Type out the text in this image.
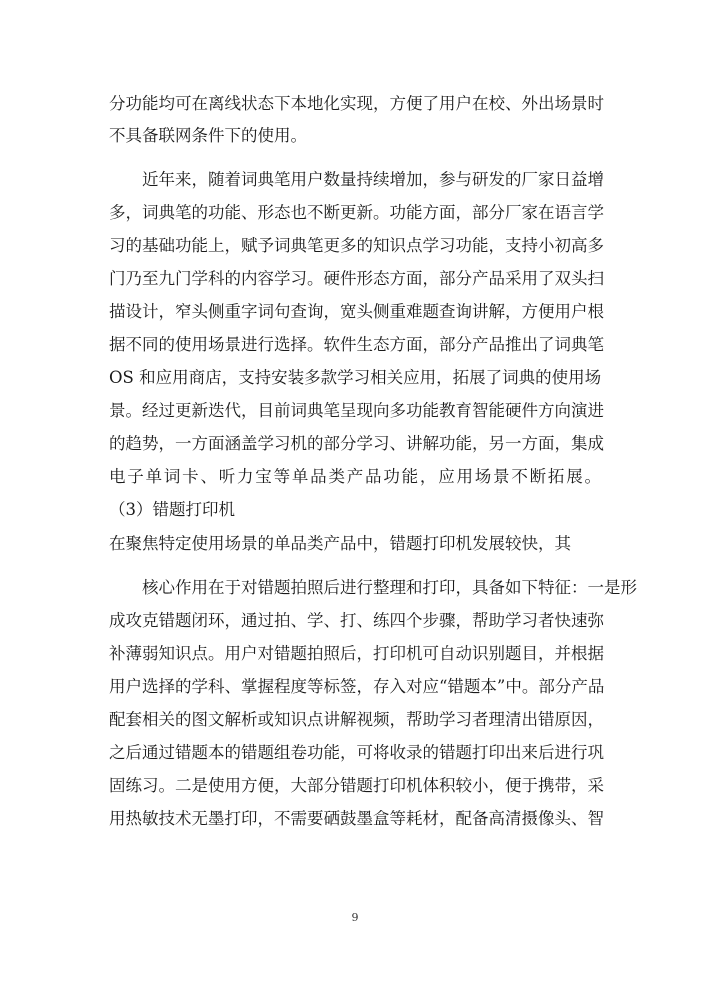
分功能均可在离线状态下本地化实现，方便了用户在校、外出场景时
不具备联网条件下的使用。
近年来，随着词典笔用户数量持续增加，参与研发的厂家日益增
多，词典笔的功能、形态也不断更新。功能方面，部分厂家在语言学
习的基础功能上，赋予词典笔更多的知识点学习功能，支持小初高多
门乃至九门学科的内容学习。硬件形态方面，部分产品采用了双头扫
描设计，窄头侧重字词句查询，宽头侧重难题查询讲解，方便用户根
据不同的使用场景进行选择。软件生态方面，部分产品推出了词典笔
OS 和应用商店，支持安装多款学习相关应用，拓展了词典的使用场
景。经过更新迭代，目前词典笔呈现向多功能教育智能硬件方向演进
的趋势，一方面涵盖学习机的部分学习、讲解功能，另一方面，集成
电子单词卡、听力宝等单品类产品功能，应用场景不断拓展。
（3）错题打印机
在聚焦特定使用场景的单品类产品中，错题打印机发展较快，其
核心作用在于对错题拍照后进行整理和打印，具备如下特征：一是形
成攻克错题闭环，通过拍、学、打、练四个步骤，帮助学习者快速弥
补薄弱知识点。用户对错题拍照后，打印机可自动识别题目，并根据
用户选择的学科、掌握程度等标签，存入对应“错题本”中。部分产品
配套相关的图文解析或知识点讲解视频，帮助学习者理清出错原因，
之后通过错题本的错题组卷功能，可将收录的错题打印出来后进行巩
固练习。二是使用方便，大部分错题打印机体积较小，便于携带，采
用热敏技术无墨打印，不需要硒鼓墨盒等耗材，配备高清摄像头、智
9
